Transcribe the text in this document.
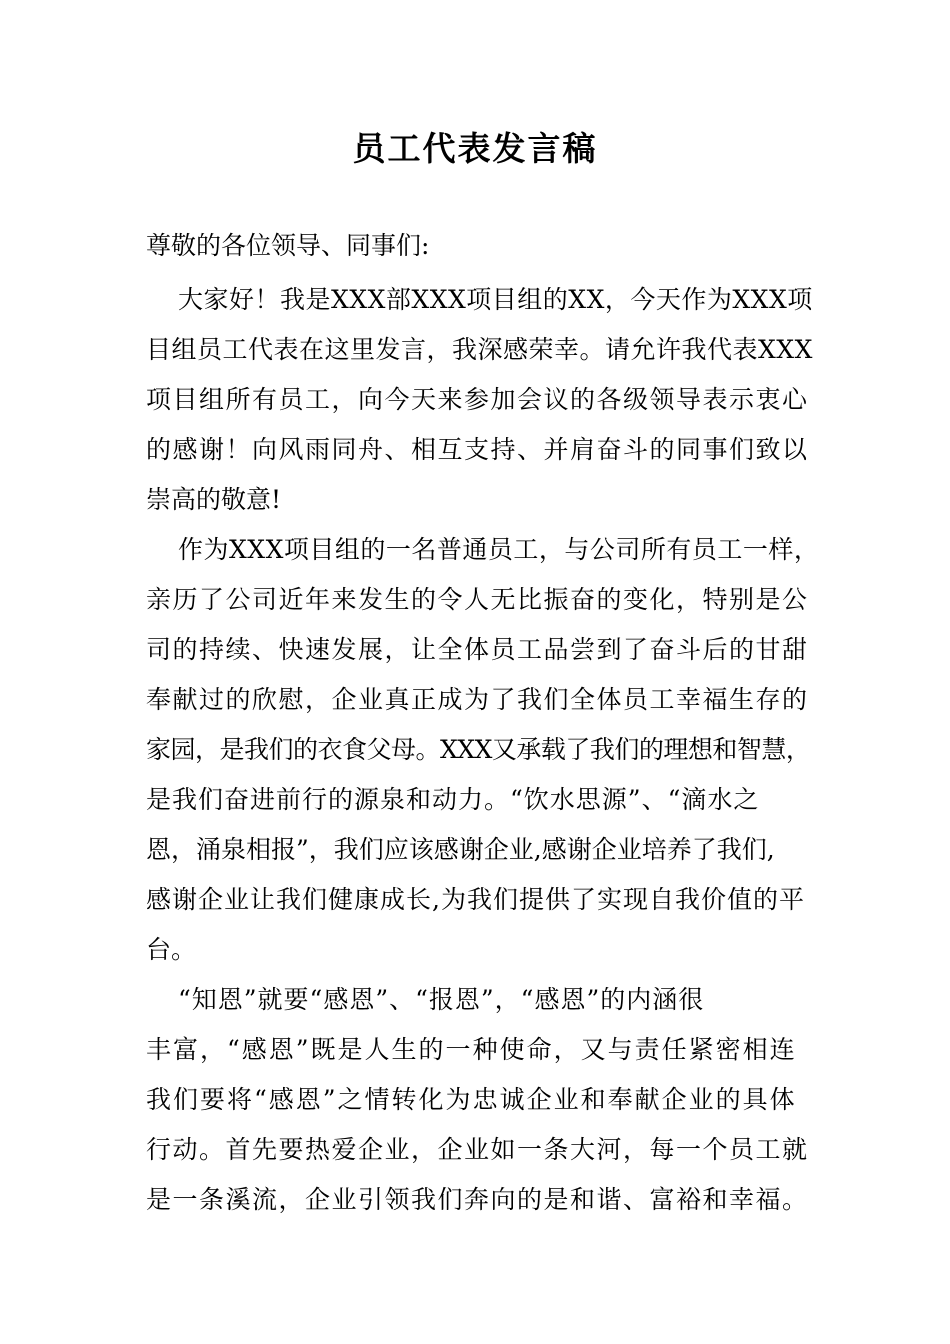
员工代表发言稿

尊敬的各位领导、同事们:

大家好！我是XXX部XXX项目组的XX，今天作为XXX项

目组员工代表在这里发言，我深感荣幸。请允许我代表XXX

项目组所有员工，向今天来参加会议的各级领导表示衷心

的感谢！向风雨同舟、相互支持、并肩奋斗的同事们致以

崇高的敬意!

作为XXX项目组的一名普通员工，与公司所有员工一样，

亲历了公司近年来发生的令人无比振奋的变化，特别是公

司的持续、快速发展，让全体员工品尝到了奋斗后的甘甜

奉献过的欣慰，企业真正成为了我们全体员工幸福生存的

家园，是我们的衣食父母。XXX又承载了我们的理想和智慧，

是我们奋进前行的源泉和动力。“饮水思源”、“滴水之

恩，涌泉相报”，我们应该感谢企业,感谢企业培养了我们,

感谢企业让我们健康成长,为我们提供了实现自我价值的平

台。

“知恩”就要“感恩”、“报恩”，“感恩”的内涵很

丰富，“感恩”既是人生的一种使命，又与责任紧密相连

我们要将“感恩”之情转化为忠诚企业和奉献企业的具体

行动。首先要热爱企业，企业如一条大河，每一个员工就

是一条溪流，企业引领我们奔向的是和谐、富裕和幸福。
